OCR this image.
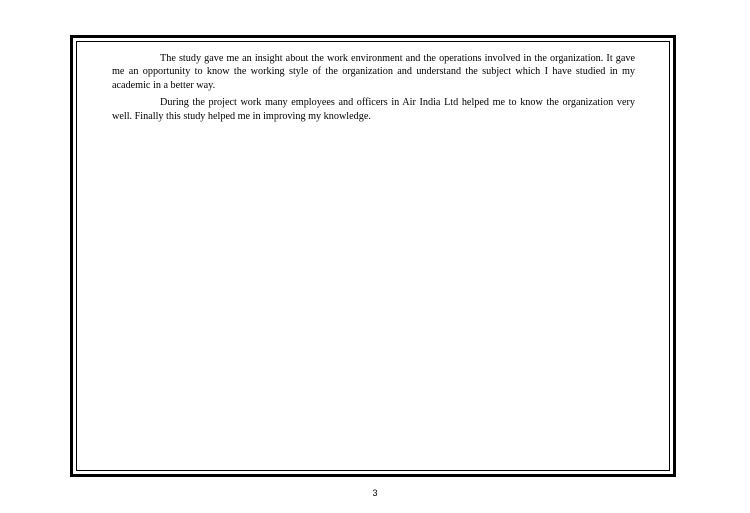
The study gave me an insight about the work environment and the operations involved in the organization. It gave me an opportunity to know the working style of the organization and understand the subject which I have studied in my academic in a better way.

During the project work many employees and officers in Air India Ltd helped me to know the organization very well. Finally this study helped me in improving my knowledge.

3
